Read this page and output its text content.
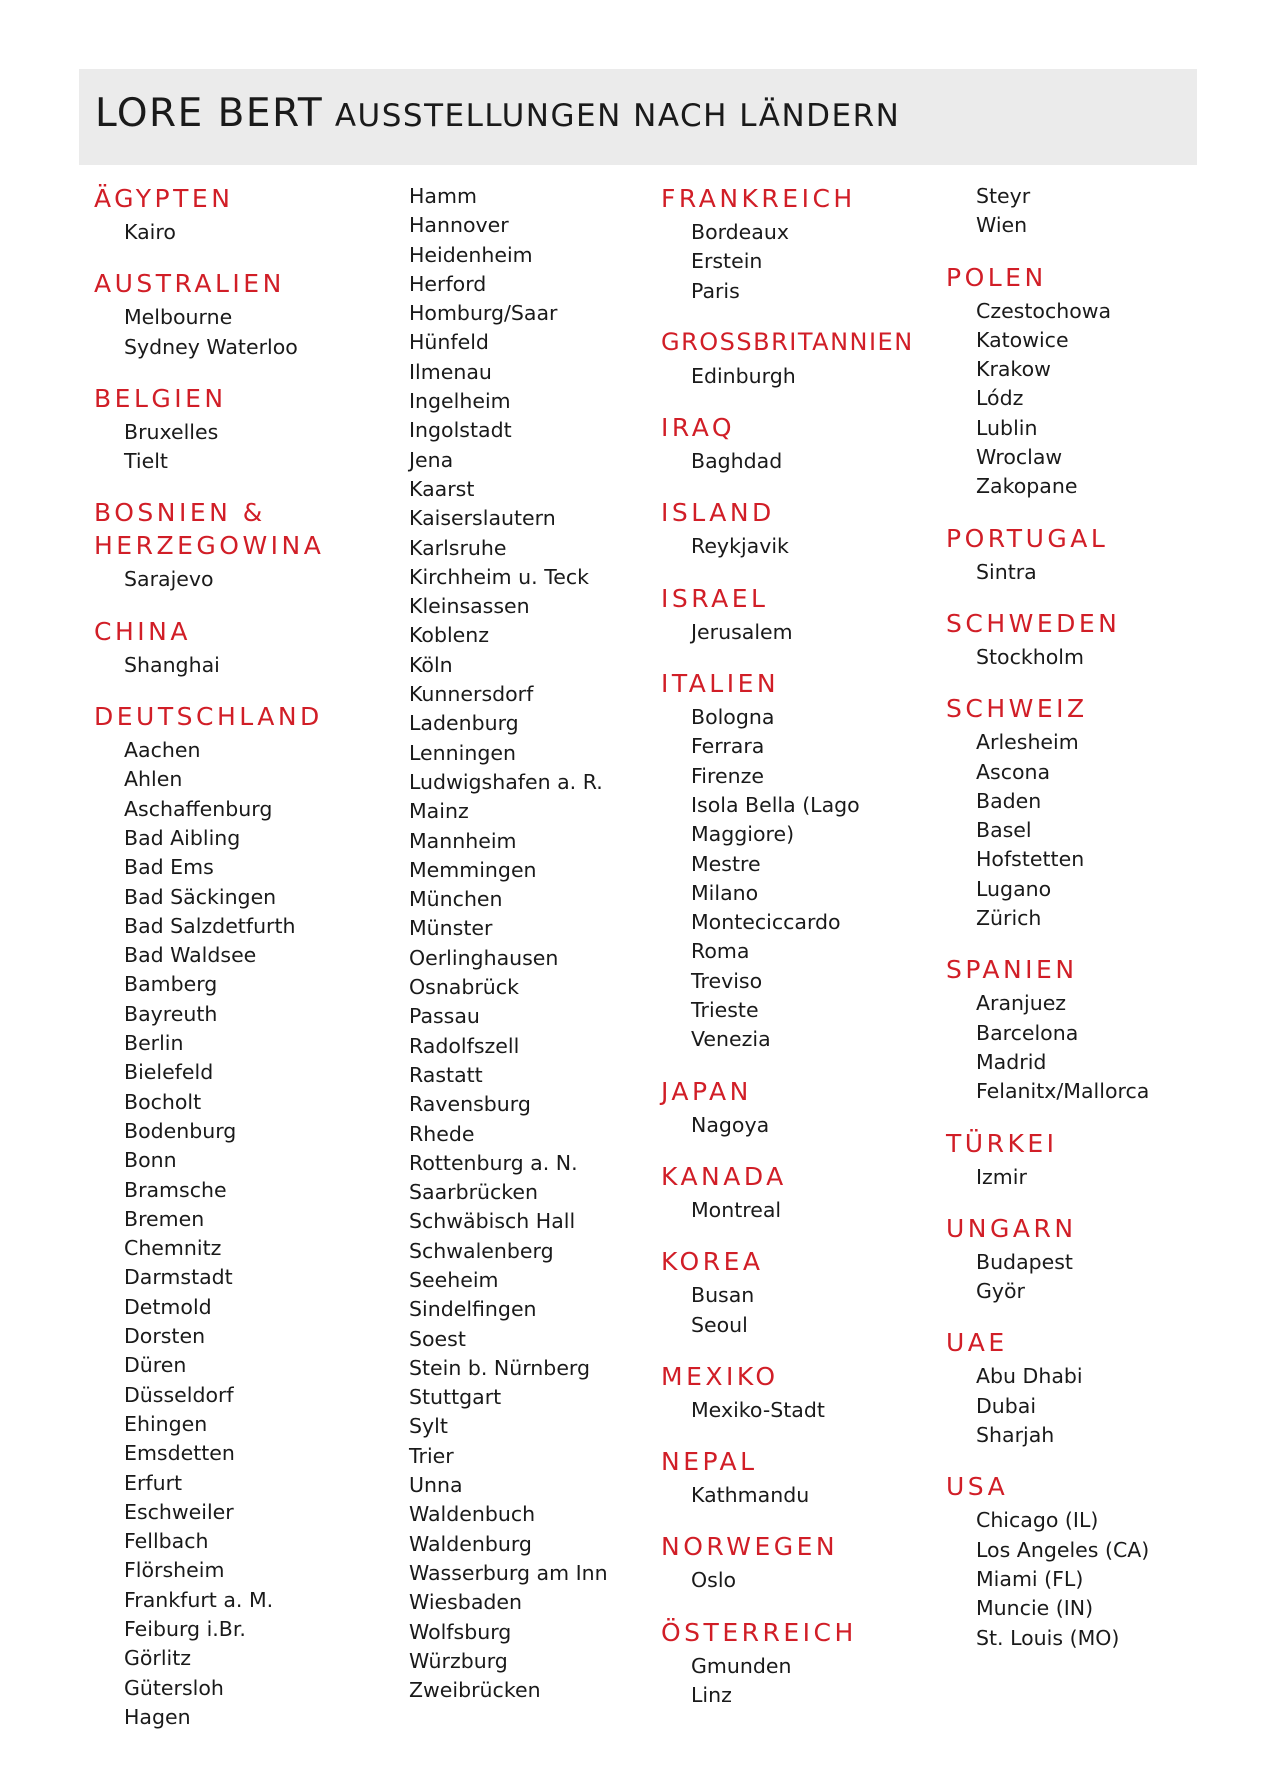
LORE BERT AUSSTELLUNGEN NACH LÄNDERN
ÄGYPTEN
Kairo
AUSTRALIEN
Melbourne
Sydney Waterloo
BELGIEN
Bruxelles
Tielt
BOSNIEN & HERZEGOWINA
Sarajevo
CHINA
Shanghai
DEUTSCHLAND
Aachen
Ahlen
Aschaffenburg
Bad Aibling
Bad Ems
Bad Säckingen
Bad Salzdetfurth
Bad Waldsee
Bamberg
Bayreuth
Berlin
Bielefeld
Bocholt
Bodenburg
Bonn
Bramsche
Bremen
Chemnitz
Darmstadt
Detmold
Dorsten
Düren
Düsseldorf
Ehingen
Emsdetten
Erfurt
Eschweiler
Fellbach
Flörsheim
Frankfurt a. M.
Feiburg i.Br.
Görlitz
Gütersloh
Hagen
Hamm
Hannover
Heidenheim
Herford
Homburg/Saar
Hünfeld
Ilmenau
Ingelheim
Ingolstadt
Jena
Kaarst
Kaiserslautern
Karlsruhe
Kirchheim u. Teck
Kleinsassen
Koblenz
Köln
Kunnersdorf
Ladenburg
Lenningen
Ludwigshafen a. R.
Mainz
Mannheim
Memmingen
München
Münster
Oerlinghausen
Osnabrück
Passau
Radolfszell
Rastatt
Ravensburg
Rhede
Rottenburg a. N.
Saarbrücken
Schwäbisch Hall
Schwalenberg
Seeheim
Sindelfingen
Soest
Stein b. Nürnberg
Stuttgart
Sylt
Trier
Unna
Waldenbuch
Waldenburg
Wasserburg am Inn
Wiesbaden
Wolfsburg
Würzburg
Zweibrücken
FRANKREICH
Bordeaux
Erstein
Paris
GROSSBRITANNIEN
Edinburgh
IRAQ
Baghdad
ISLAND
Reykjavik
ISRAEL
Jerusalem
ITALIEN
Bologna
Ferrara
Firenze
Isola Bella (Lago
Maggiore)
Mestre
Milano
Monteciccardo
Roma
Treviso
Trieste
Venezia
JAPAN
Nagoya
KANADA
Montreal
KOREA
Busan
Seoul
MEXIKO
Mexiko-Stadt
NEPAL
Kathmandu
NORWEGEN
Oslo
ÖSTERREICH
Gmunden
Linz
Steyr
Wien
POLEN
Czestochowa
Katowice
Krakow
Lódz
Lublin
Wroclaw
Zakopane
PORTUGAL
Sintra
SCHWEDEN
Stockholm
SCHWEIZ
Arlesheim
Ascona
Baden
Basel
Hofstetten
Lugano
Zürich
SPANIEN
Aranjuez
Barcelona
Madrid
Felanitx/Mallorca
TÜRKEI
Izmir
UNGARN
Budapest
Györ
UAE
Abu Dhabi
Dubai
Sharjah
USA
Chicago (IL)
Los Angeles (CA)
Miami (FL)
Muncie (IN)
St. Louis (MO)
